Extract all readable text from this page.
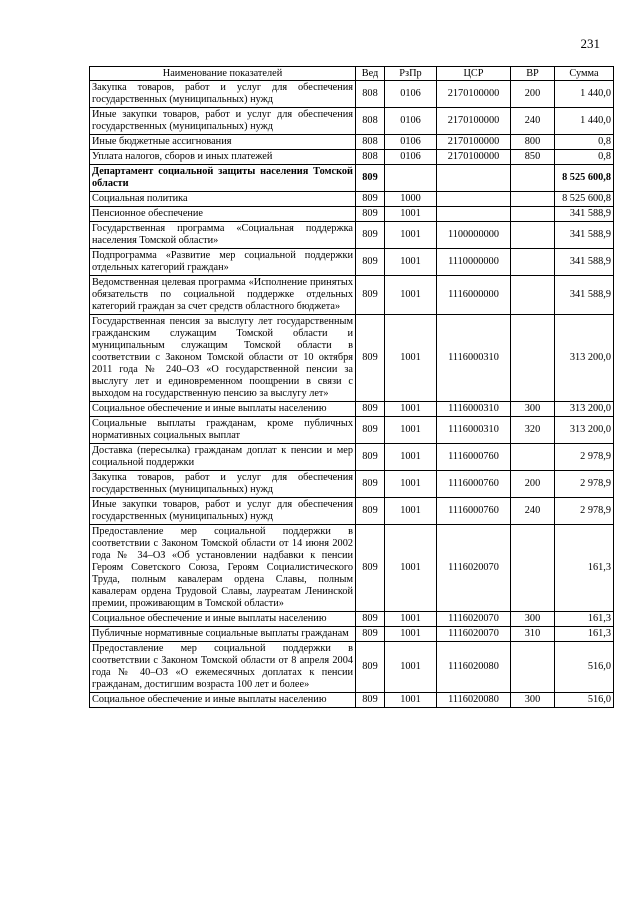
231
Наименование показателей	Вед	РзПр	ЦСР	ВР	Сумма
Закупка товаров, работ и услуг для обеспечения государственных (муниципальных) нужд	808	0106	2170100000	200	1 440,0
Иные закупки товаров, работ и услуг для обеспечения государственных (муниципальных) нужд	808	0106	2170100000	240	1 440,0
Иные бюджетные ассигнования	808	0106	2170100000	800	0,8
Уплата налогов, сборов и иных платежей	808	0106	2170100000	850	0,8
Департамент социальной защиты населения Томской области	809				8 525 600,8
Социальная политика	809	1000			8 525 600,8
Пенсионное обеспечение	809	1001			341 588,9
Государственная программа «Социальная поддержка населения Томской области»	809	1001	1100000000		341 588,9
Подпрограмма «Развитие мер социальной поддержки отдельных категорий граждан»	809	1001	1110000000		341 588,9
Ведомственная целевая программа «Исполнение принятых обязательств по социальной поддержке отдельных категорий граждан за счет средств областного бюджета»	809	1001	1116000000		341 588,9
Государственная пенсия за выслугу лет государственным гражданским служащим Томской области и муниципальным служащим Томской области в соответствии с Законом Томской области от 10 октября 2011 года № 240–ОЗ «О государственной пенсии за выслугу лет и единовременном поощрении в связи с выходом на государственную пенсию за выслугу лет»	809	1001	1116000310		313 200,0
Социальное обеспечение и иные выплаты населению	809	1001	1116000310	300	313 200,0
Социальные выплаты гражданам, кроме публичных нормативных социальных выплат	809	1001	1116000310	320	313 200,0
Доставка (пересылка) гражданам доплат к пенсии и мер социальной поддержки	809	1001	1116000760		2 978,9
Закупка товаров, работ и услуг для обеспечения государственных (муниципальных) нужд	809	1001	1116000760	200	2 978,9
Иные закупки товаров, работ и услуг для обеспечения государственных (муниципальных) нужд	809	1001	1116000760	240	2 978,9
Предоставление мер социальной поддержки в соответствии с Законом Томской области от 14 июня 2002 года № 34–ОЗ «Об установлении надбавки к пенсии Героям Советского Союза, Героям Социалистического Труда, полным кавалерам ордена Славы, полным кавалерам ордена Трудовой Славы, лауреатам Ленинской премии, проживающим в Томской области»	809	1001	1116020070		161,3
Социальное обеспечение и иные выплаты населению	809	1001	1116020070	300	161,3
Публичные нормативные социальные выплаты гражданам	809	1001	1116020070	310	161,3
Предоставление мер социальной поддержки в соответствии с Законом Томской области от 8 апреля 2004 года № 40–ОЗ «О ежемесячных доплатах к пенсии гражданам, достигшим возраста 100 лет и более»	809	1001	1116020080		516,0
Социальное обеспечение и иные выплаты населению	809	1001	1116020080	300	516,0
